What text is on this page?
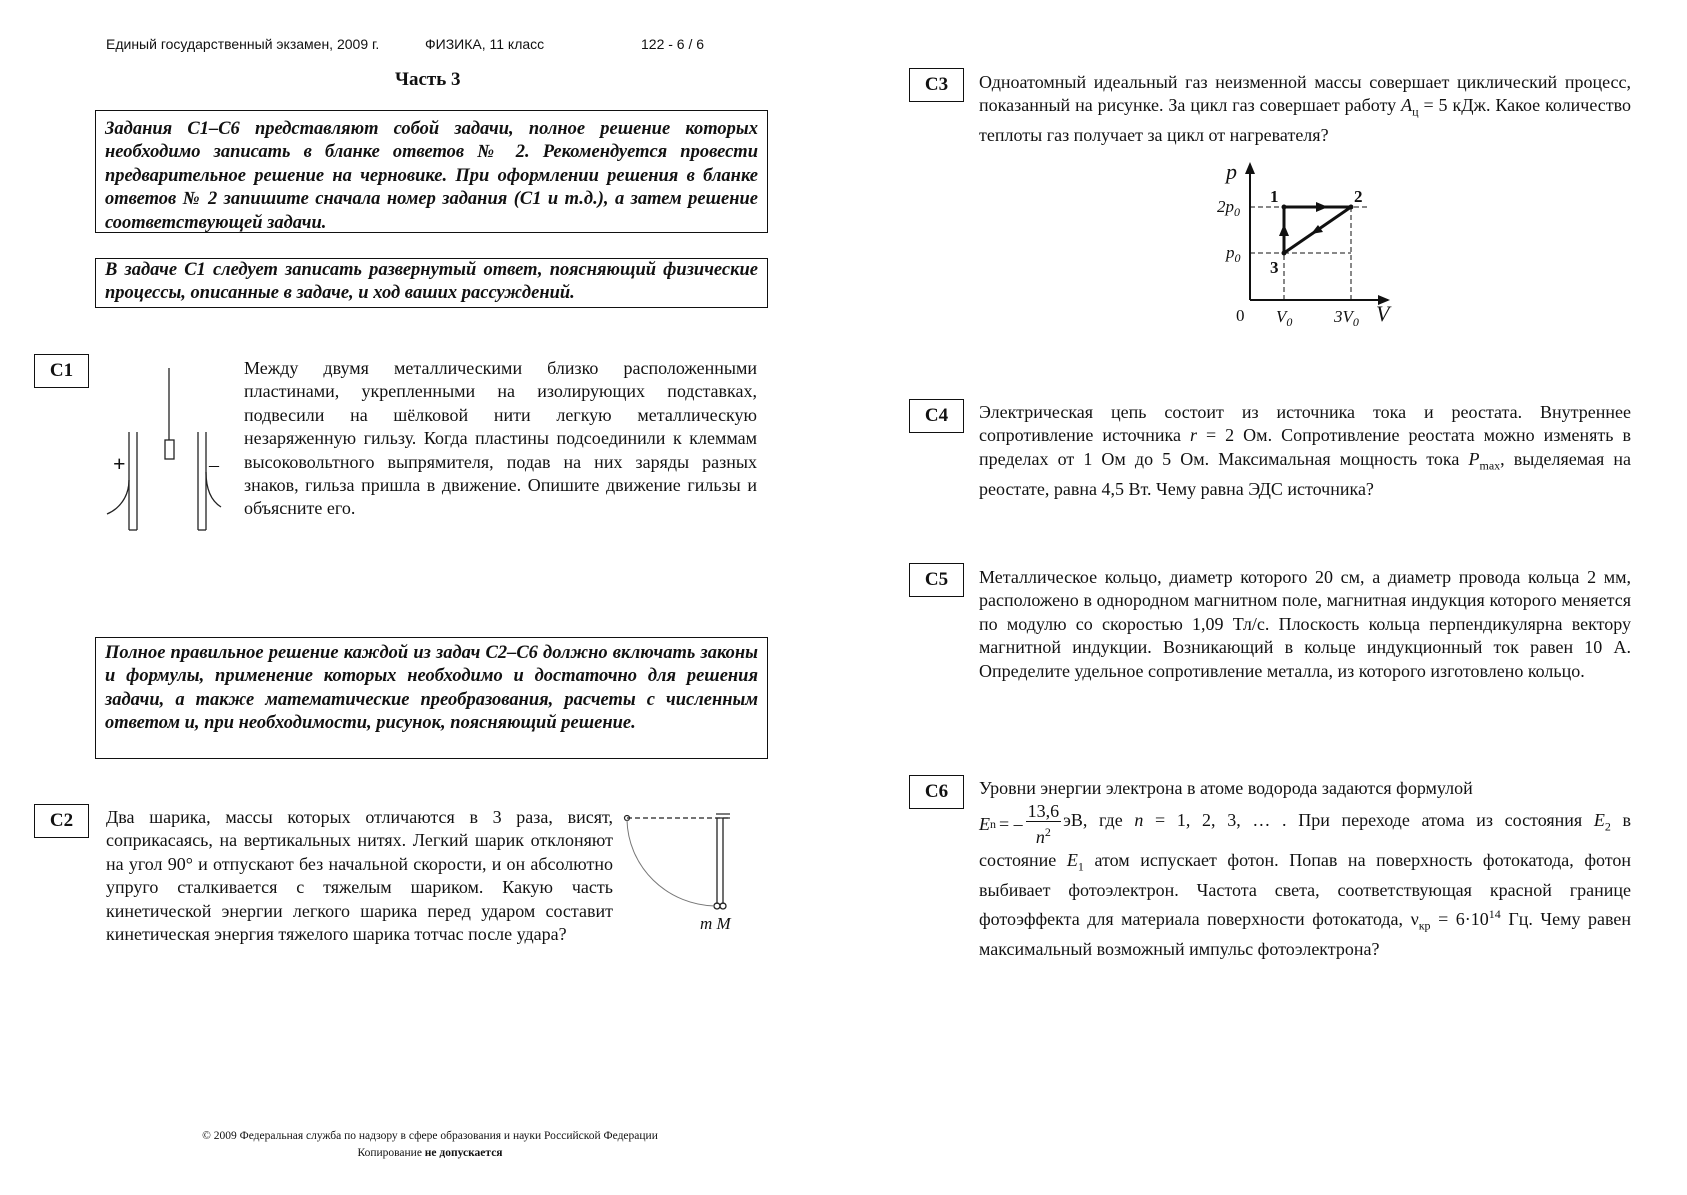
Единый государственный экзамен, 2009 г.	ФИЗИКА, 11 класс	122 - 6 / 6
Часть 3
Задания С1–С6 представляют собой задачи, полное решение которых необходимо записать в бланке ответов № 2. Рекомендуется провести предварительное решение на черновике. При оформлении решения в бланке ответов № 2 запишите сначала номер задания (С1 и т.д.), а затем решение соответствующей задачи.
В задаче С1 следует записать развернутый ответ, поясняющий физические процессы, описанные в задаче, и ход ваших рассуждений.
Полное правильное решение каждой из задач С2–С6 должно включать законы и формулы, применение которых необходимо и достаточно для решения задачи, а также математические преобразования, расчеты с численным ответом и, при необходимости, рисунок, поясняющий решение.
C1
+	–
Между двумя металлическими близко расположенными пластинами, укрепленными на изолирующих подставках, подвесили на шёлковой нити легкую металлическую незаряженную гильзу. Когда пластины подсоединили к клеммам высоковольтного выпрямителя, подав на них заряды разных знаков, гильза пришла в движение. Опишите движение гильзы и объясните его.
C2	Два шарика, массы которых отличаются в 3 раза, висят, соприкасаясь, на вертикальных нитях. Легкий шарик отклоняют на угол 90° и отпускают без начальной скорости, и он абсолютно упруго сталкивается с тяжелым шариком. Какую часть кинетической энергии легкого шарика перед ударом составит кинетическая энергия тяжелого шарика тотчас после удара?
m M
C3	Одноатомный идеальный газ неизменной массы совершает циклический процесс, показанный на рисунке. За цикл газ совершает работу $A_ц = 5$ кДж. Какое количество теплоты газ получает за цикл от нагревателя?
p
V
0
$2p_0$
$p_0$
$V_0$ $3V_0$
1	2
3
C4	Электрическая цепь состоит из источника тока и реостата. Внутреннее сопротивление источника r = 2 Ом. Сопротивление реостата можно изменять в пределах от 1 Ом до 5 Ом. Максимальная мощность тока $P_{max}$, выделяемая на реостате, равна 4,5 Вт. Чему равна ЭДС источника?
C5	Металлическое кольцо, диаметр которого 20 см, а диаметр провода кольца 2 мм, расположено в однородном магнитном поле, магнитная индукция которого меняется по модулю со скоростью 1,09 Тл/с. Плоскость кольца перпендикулярна вектору магнитной индукции. Возникающий в кольце индукционный ток равен 10 А. Определите удельное сопротивление металла, из которого изготовлено кольцо.
C6	Уровни энергии электрона в атоме водорода задаются формулой
E n = –
13,6
$n^2$
эВ, где n = 1, 2, 3, … . При переходе атома из состояния $E_2$ в
состояние $E_1$ атом испускает фотон. Попав на поверхность фотокатода, фотон выбивает фотоэлектрон. Частота света, соответствующая красной границе фотоэффекта для материала поверхности фотокатода, $\nu_{кр} = 6\cdot 10^{14}$ Гц. Чему равен максимальный возможный импульс фотоэлектрона?
© 2009 Федеральная служба по надзору в сфере образования и науки Российской Федерации
Копирование не допускается
